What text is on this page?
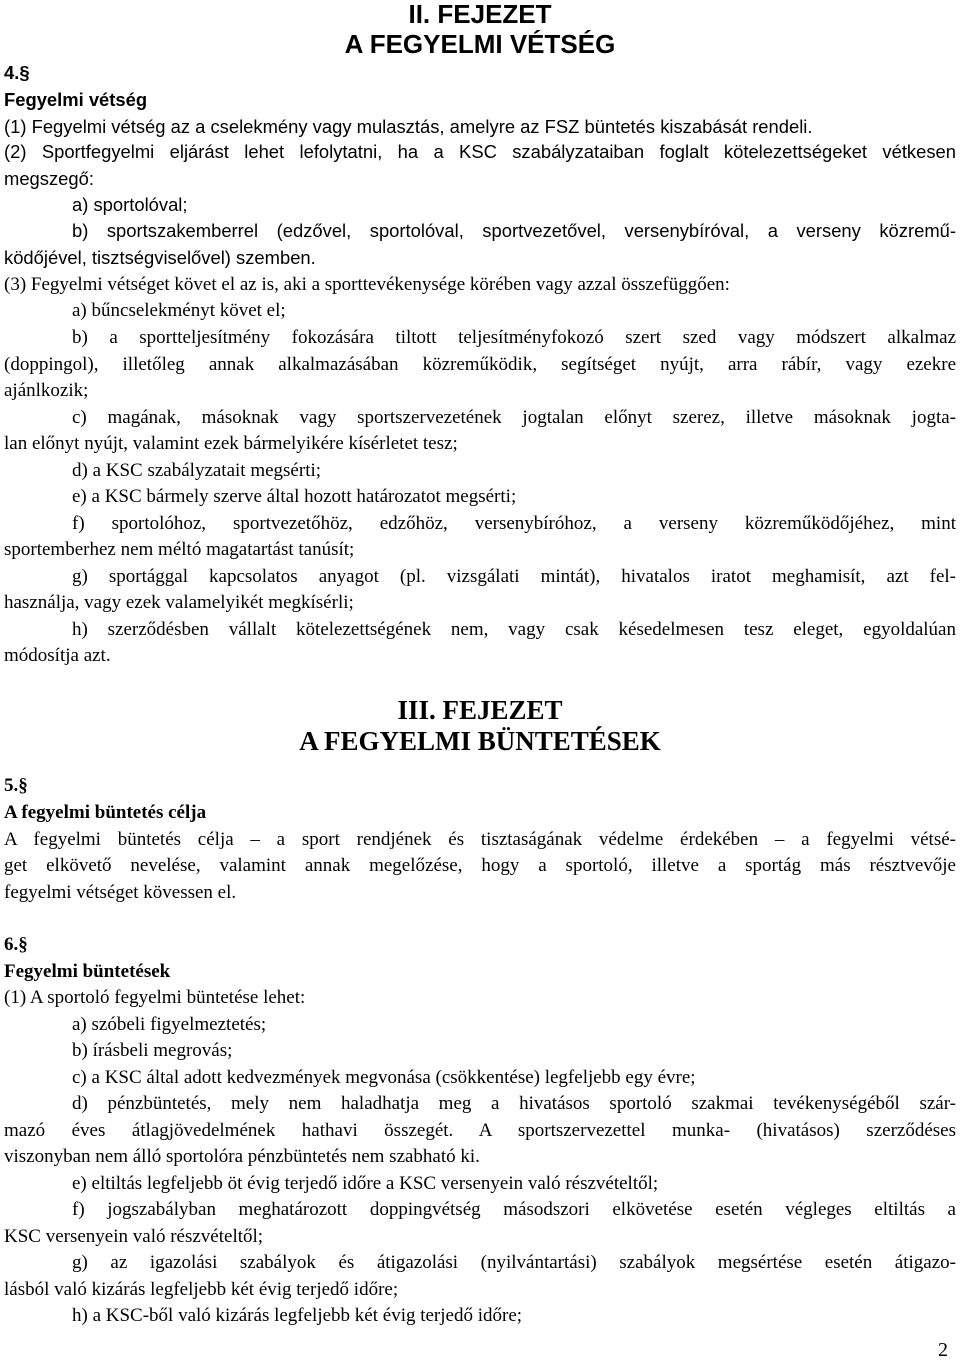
II. FEJEZET
A FEGYELMI VÉTSÉG
4.§
Fegyelmi vétség
(1) Fegyelmi vétség az a cselekmény vagy mulasztás, amelyre az FSZ büntetés kiszabását rendeli.
(2) Sportfegyelmi eljárást lehet lefolytatni, ha a KSC szabályzataiban foglalt kötelezettségeket vétkesen
megszegő:
a) sportolóval;
b) sportszakemberrel (edzővel, sportolóval, sportvezetővel, versenybíróval, a verseny közremű-
ködőjével, tisztségviselővel) szemben.
(3) Fegyelmi vétséget követ el az is, aki a sporttevékenysége körében vagy azzal összefüggően:
a) bűncselekményt követ el;
b) a sportteljesítmény fokozására tiltott teljesítményfokozó szert szed vagy módszert alkalmaz
(doppingol), illetőleg annak alkalmazásában közreműködik, segítséget nyújt, arra rábír, vagy ezekre
ajánlkozik;
c) magának, másoknak vagy sportszervezetének jogtalan előnyt szerez, illetve másoknak jogta-
lan előnyt nyújt, valamint ezek bármelyikére kísérletet tesz;
d) a KSC szabályzatait megsérti;
e) a KSC bármely szerve által hozott határozatot megsérti;
f) sportolóhoz, sportvezetőhöz, edzőhöz, versenybíróhoz, a verseny közreműködőjéhez, mint
sportemberhez nem méltó magatartást tanúsít;
g) sportággal kapcsolatos anyagot (pl. vizsgálati mintát), hivatalos iratot meghamisít, azt fel-
használja, vagy ezek valamelyikét megkísérli;
h) szerződésben vállalt kötelezettségének nem, vagy csak késedelmesen tesz eleget, egyoldalúan
módosítja azt.
III. FEJEZET
A FEGYELMI BÜNTETÉSEK
5.§
A fegyelmi büntetés célja
A fegyelmi büntetés célja – a sport rendjének és tisztaságának védelme érdekében – a fegyelmi vétsé-
get elkövető nevelése, valamint annak megelőzése, hogy a sportoló, illetve a sportág más résztvevője
fegyelmi vétséget kövessen el.
6.§
Fegyelmi büntetések
(1) A sportoló fegyelmi büntetése lehet:
a) szóbeli figyelmeztetés;
b) írásbeli megrovás;
c) a KSC által adott kedvezmények megvonása (csökkentése) legfeljebb egy évre;
d) pénzbüntetés, mely nem haladhatja meg a hivatásos sportoló szakmai tevékenységéből szár-
mazó éves átlagjövedelmének hathavi összegét. A sportszervezettel munka- (hivatásos) szerződéses
viszonyban nem álló sportolóra pénzbüntetés nem szabható ki.
e) eltiltás legfeljebb öt évig terjedő időre a KSC versenyein való részvételtől;
f) jogszabályban meghatározott doppingvétség másodszori elkövetése esetén végleges eltiltás a
KSC versenyein való részvételtől;
g) az igazolási szabályok és átigazolási (nyilvántartási) szabályok megsértése esetén átigazo-
lásból való kizárás legfeljebb két évig terjedő időre;
h) a KSC-ből való kizárás legfeljebb két évig terjedő időre;
2
